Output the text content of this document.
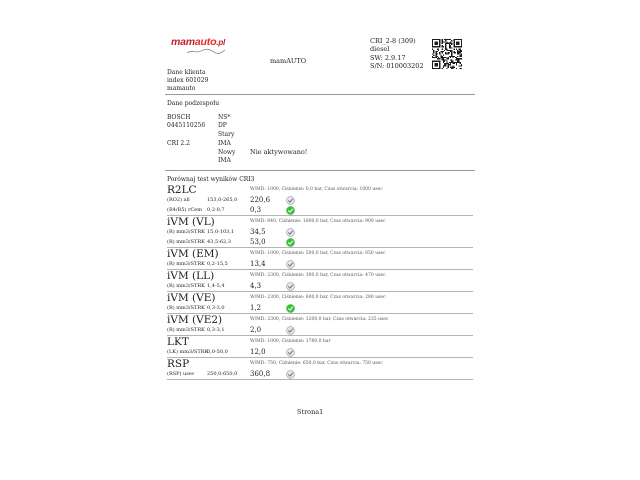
mamauto.pl
mamAUTO
CRI_2-8 (309)
diesel
SW: 2.9.17
S/N: 010003202
Dane klienta
index 601029
mamauto
Dane podzespołu
BOSCH
0445110256
CRI 2.2
NS*
DP
Stary
IMA
Nowy
IMA
Nie aktywowano!
Porównaj test wyników CRI3
R2LC	W/MD: 1000, Ciśnienie: 0,0 bar, Czas otwarcia: 1000 usec
(RO2) all	153,0-265,0 220,6
(R4/R5) rCem 0,2-0,7	0,3
iVM (VL)	W/MD: 840, Ciśnienie: 1600,0 bar, Czas otwarcia: 900 usec
(R) mm3/STRK 15,0-103,1 34,5
(R) mm3/STRK 43,5-62,3	53,0
iVM (EM)	W/MD: 1000, Ciśnienie: 500,0 bar, Czas otwarcia: 850 usec
(R) mm3/STRK 0,2-15,5	13,4
iVM (LL)	W/MD: 2300, Ciśnienie: 300,0 bar, Czas otwarcia: 470 usec
(R) mm3/STRK 1,4-5,4	4,3
iVM (VE)	W/MD: 2300, Ciśnienie: 600,0 bar, Czas otwarcia: 280 usec
(R) mm3/STRK 0,3-3,0	1,2
iVM (VE2)	W/MD: 2300, Ciśnienie: 1200,0 bar, Czas otwarcia: 235 usec
(R) mm3/STRK 0,3-3,1	2,0
LKT	W/MD: 1000, Ciśnienie: 1780,0 bar
(LK) mm3/STRK
0,0-50,0	12,0
RSP	W/MD: 750, Ciśnienie: 650,0 bar, Czas otwarcia: 750 usec
(RSP) usec 250,0-650,0 360,8
Strona1
